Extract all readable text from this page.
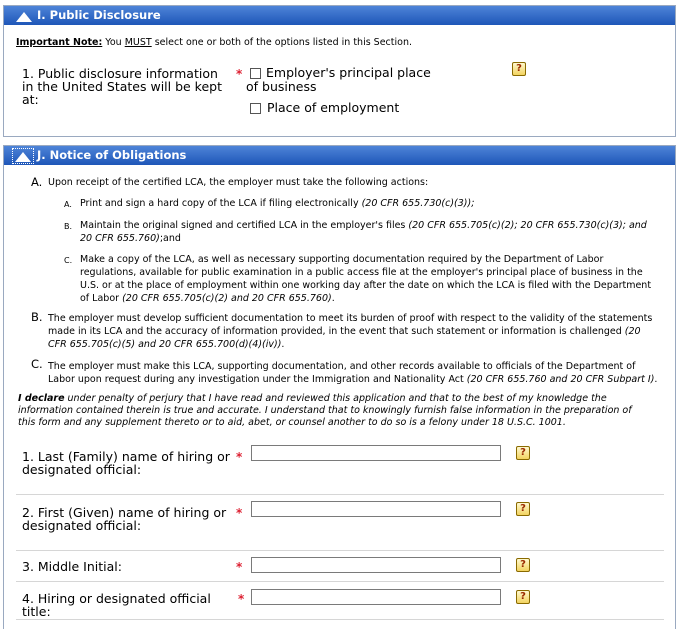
I. Public Disclosure
Important Note: You MUST select one or both of the options listed in this Section.
1. Public disclosure information in the United States will be kept at:
*	Employer's principal place of business
Place of employment
?
J. Notice of Obligations
A. Upon receipt of the certified LCA, the employer must take the following actions:
A. Print and sign a hard copy of the LCA if filing electronically (20 CFR 655.730(c)(3));
B. Maintain the original signed and certified LCA in the employer's files (20 CFR 655.705(c)(2); 20 CFR 655.730(c)(3); and 20 CFR 655.760);and
C. Make a copy of the LCA, as well as necessary supporting documentation required by the Department of Labor regulations, available for public examination in a public access file at the employer's principal place of business in the U.S. or at the place of employment within one working day after the date on which the LCA is filed with the Department of Labor (20 CFR 655.705(c)(2) and 20 CFR 655.760).
B. The employer must develop sufficient documentation to meet its burden of proof with respect to the validity of the statements made in its LCA and the accuracy of information provided, in the event that such statement or information is challenged (20 CFR 655.705(c)(5) and 20 CFR 655.700(d)(4)(iv)).
C. The employer must make this LCA, supporting documentation, and other records available to officials of the Department of Labor upon request during any investigation under the Immigration and Nationality Act (20 CFR 655.760 and 20 CFR Subpart I).
I declare under penalty of perjury that I have read and reviewed this application and that to the best of my knowledge the information contained therein is true and accurate. I understand that to knowingly furnish false information in the preparation of this form and any supplement thereto or to aid, abet, or counsel another to do so is a felony under 18 U.S.C. 1001.
1. Last (Family) name of hiring or designated official:
*	?
2. First (Given) name of hiring or designated official:
*	?
3. Middle Initial:	*	?
4. Hiring or designated official title:
*	?
